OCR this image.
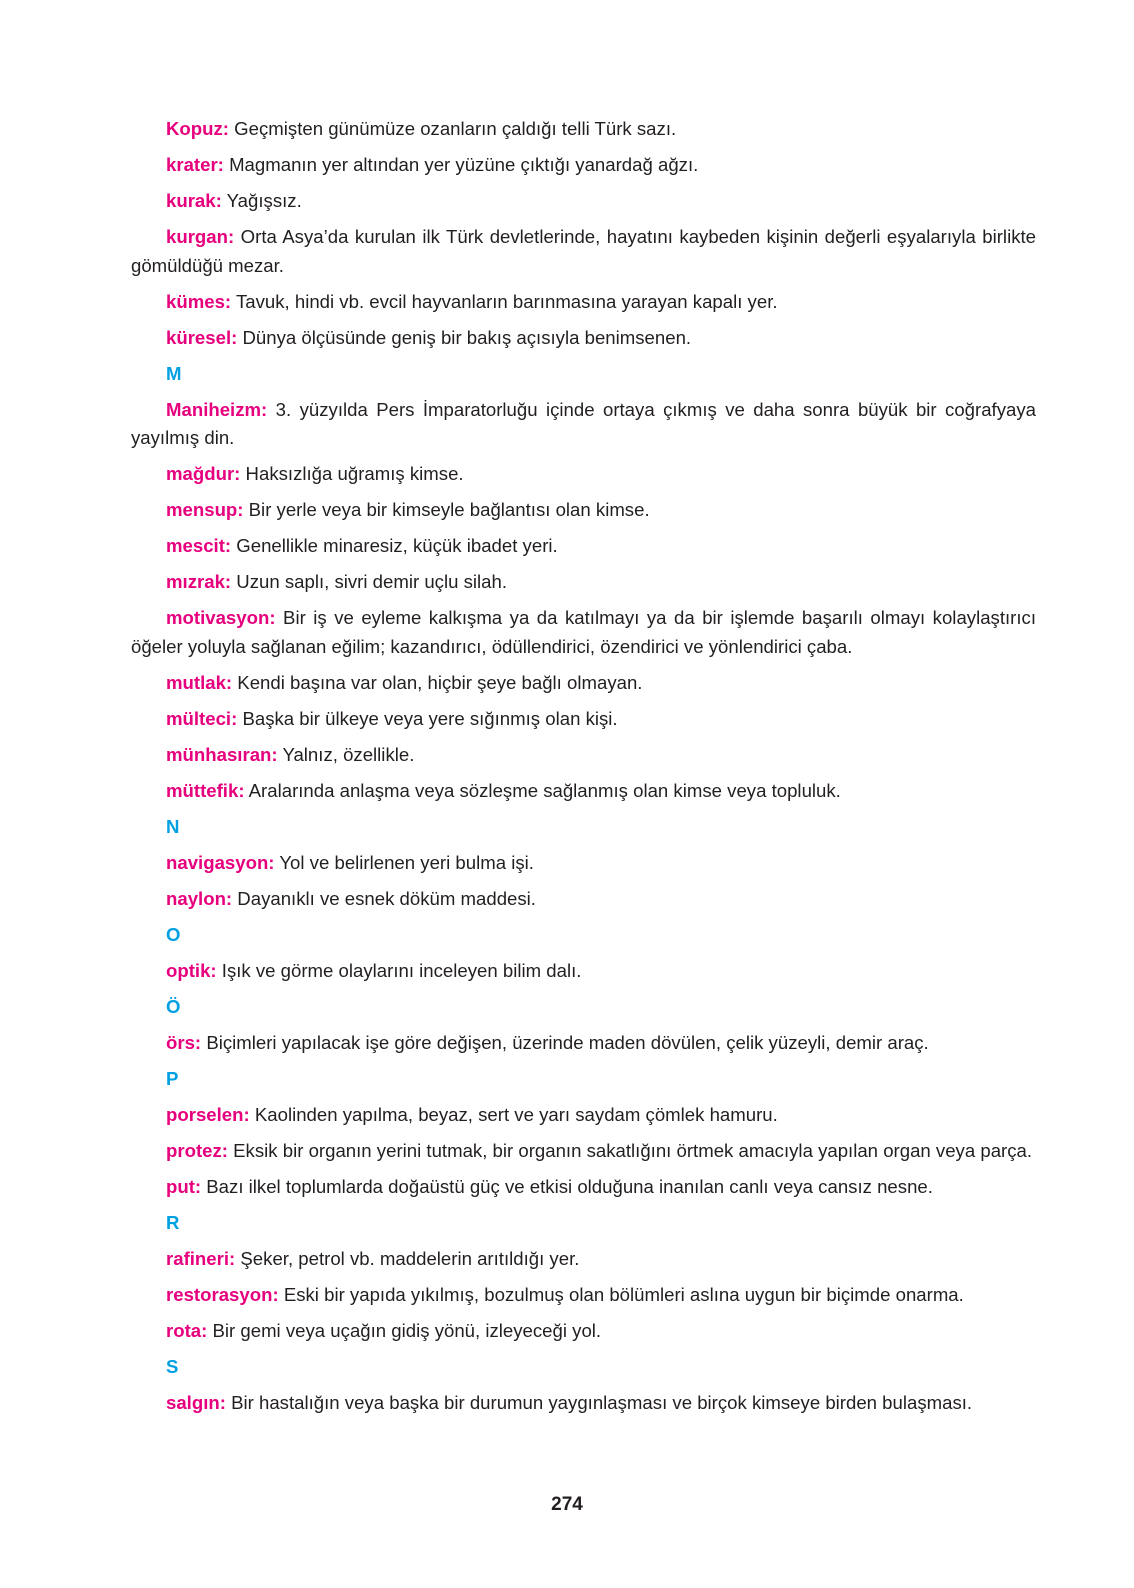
Kopuz: Geçmişten günümüze ozanların çaldığı telli Türk sazı.

krater: Magmanın yer altından yer yüzüne çıktığı yanardağ ağzı.

kurak: Yağışsız.

kurgan: Orta Asya’da kurulan ilk Türk devletlerinde, hayatını kaybeden kişinin değerli eşyalarıyla birlikte gömüldüğü mezar.

kümes: Tavuk, hindi vb. evcil hayvanların barınmasına yarayan kapalı yer.

küresel: Dünya ölçüsünde geniş bir bakış açısıyla benimsenen.

M

Maniheizm: 3. yüzyılda Pers İmparatorluğu içinde ortaya çıkmış ve daha sonra büyük bir coğrafyaya yayılmış din.

mağdur: Haksızlığa uğramış kimse.

mensup: Bir yerle veya bir kimseyle bağlantısı olan kimse.

mescit: Genellikle minaresiz, küçük ibadet yeri.

mızrak: Uzun saplı, sivri demir uçlu silah.

motivasyon: Bir iş ve eyleme kalkışma ya da katılmayı ya da bir işlemde başarılı olmayı kolaylaştırıcı öğeler yoluyla sağlanan eğilim; kazandırıcı, ödüllendirici, özendirici ve yönlendirici çaba.

mutlak: Kendi başına var olan, hiçbir şeye bağlı olmayan.

mülteci: Başka bir ülkeye veya yere sığınmış olan kişi.

münhasıran: Yalnız, özellikle.

müttefik: Aralarında anlaşma veya sözleşme sağlanmış olan kimse veya topluluk.

N

navigasyon: Yol ve belirlenen yeri bulma işi.

naylon: Dayanıklı ve esnek döküm maddesi.

O

optik: Işık ve görme olaylarını inceleyen bilim dalı.

Ö

örs: Biçimleri yapılacak işe göre değişen, üzerinde maden dövülen, çelik yüzeyli, demir araç.

P

porselen: Kaolinden yapılma, beyaz, sert ve yarı saydam çömlek hamuru.

protez: Eksik bir organın yerini tutmak, bir organın sakatlığını örtmek amacıyla yapılan organ veya parça.

put: Bazı ilkel toplumlarda doğaüstü güç ve etkisi olduğuna inanılan canlı veya cansız nesne.

R

rafineri: Şeker, petrol vb. maddelerin arıtıldığı yer.

restorasyon: Eski bir yapıda yıkılmış, bozulmuş olan bölümleri aslına uygun bir biçimde onarma.

rota: Bir gemi veya uçağın gidiş yönü, izleyeceği yol.

S

salgın: Bir hastalığın veya başka bir durumun yaygınlaşması ve birçok kimseye birden bulaşması.

274
